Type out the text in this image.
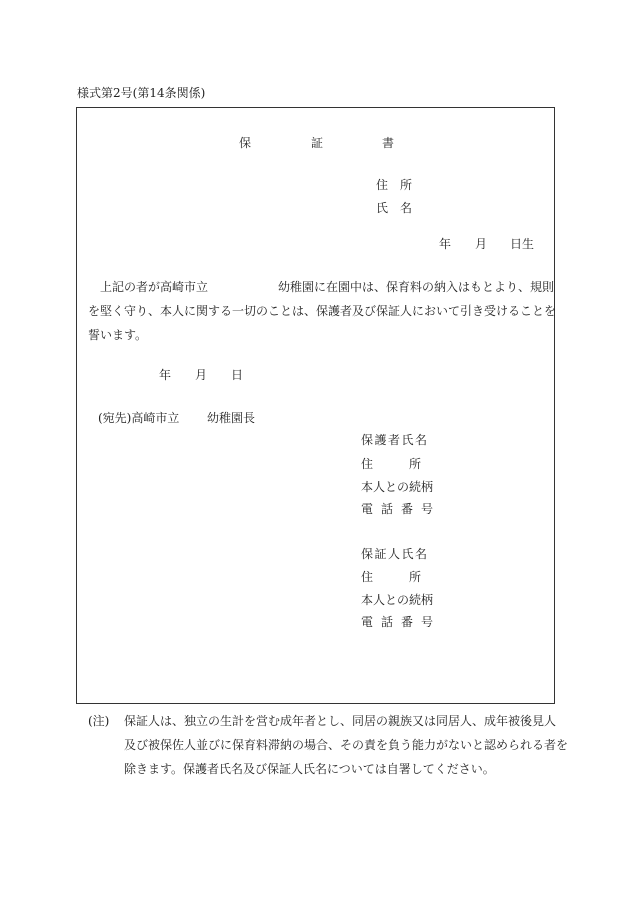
様式第2号(第14条関係)
保	証	書
住　所
氏　名
年 月 日生
上記の者が高崎市立	幼稚園に在園中は、保育料の納入はもとより、規則
を堅く守り、本人に関する一切のことは、保護者及び保証人において引き受けることを
誓います。
年 月 日
(宛先)高崎市立 幼稚園長
保護者氏名
住　　　所
本人との続柄
電話番号
保証人氏名
住　　　所
本人との続柄
電話番号
(注) 保証人は、独立の生計を営む成年者とし、同居の親族又は同居人、成年被後見人
及び被保佐人並びに保育料滞納の場合、その責を負う能力がないと認められる者を
除きます。保護者氏名及び保証人氏名については自署してください。
